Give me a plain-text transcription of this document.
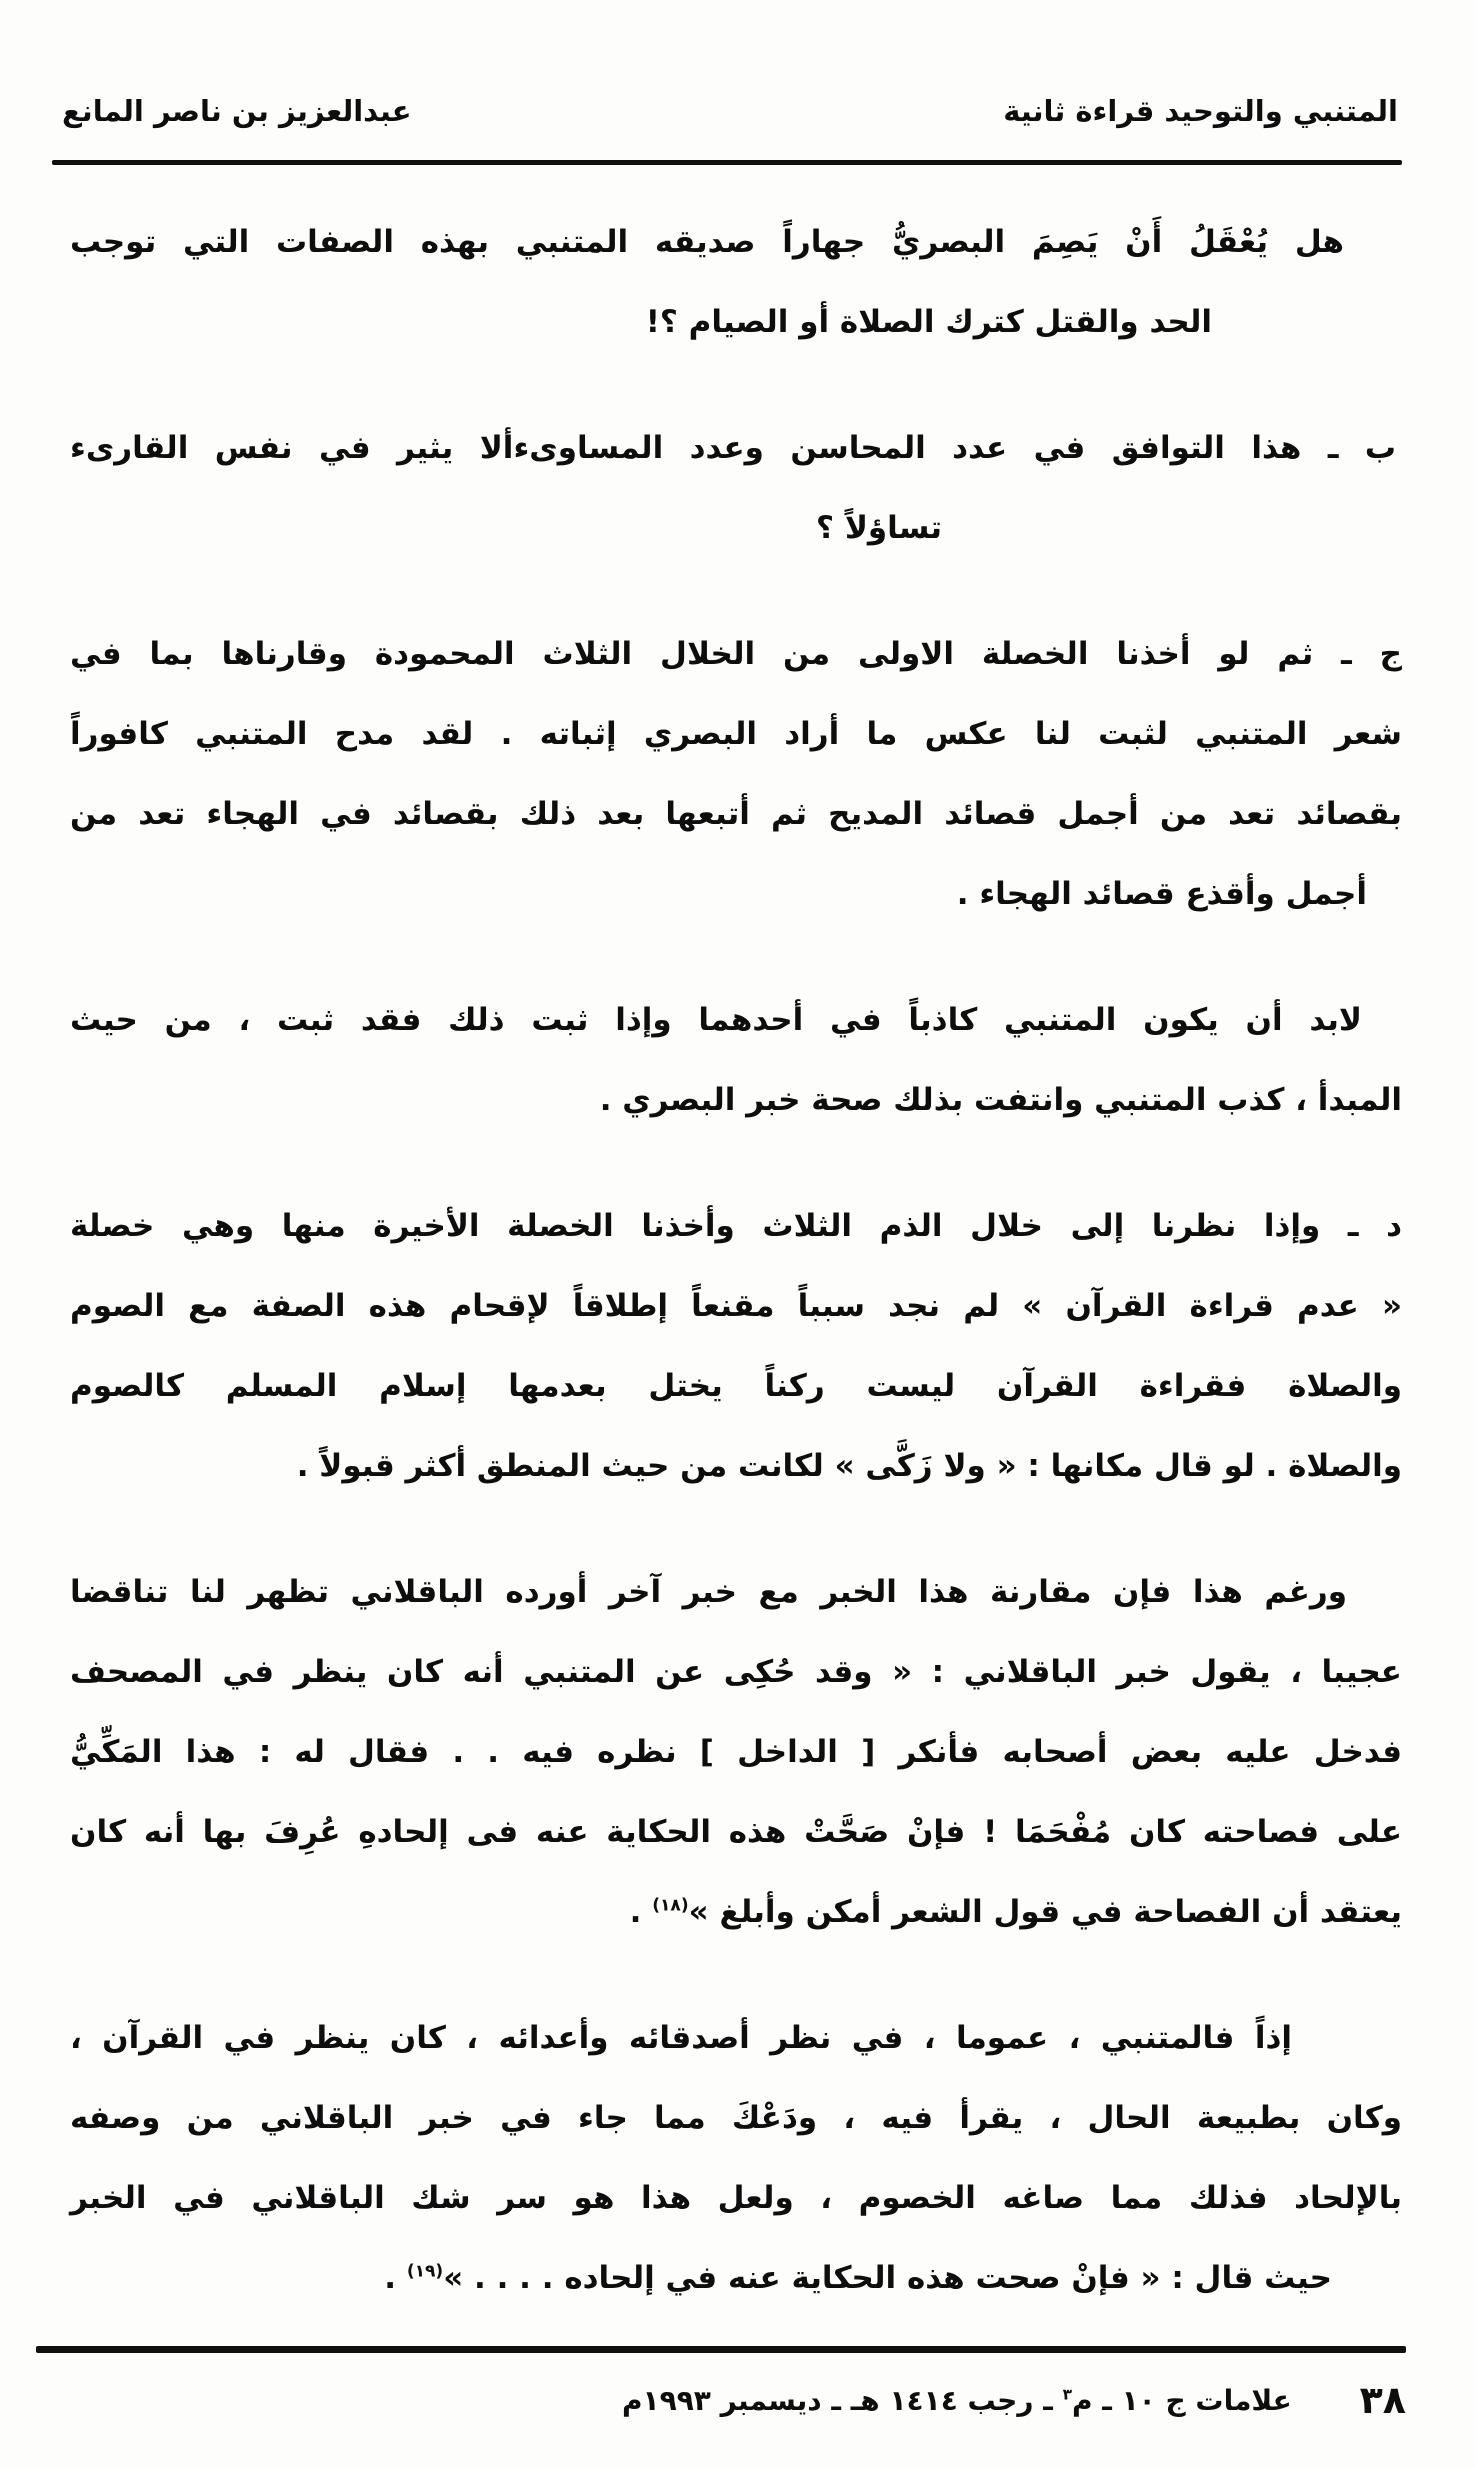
المتنبي والتوحيد قراءة ثانية
عبدالعزيز بن ناصر المانع
هل يُعْقَلُ أَنْ يَصِمَ البصريُّ جهاراً صديقه المتنبي بهذه الصفات التي توجب
الحد والقتل كترك الصلاة أو الصيام ؟!
ب ـ هذا التوافق في عدد المحاسن وعدد المساوىءألا يثير في نفس القارىء
تساؤلاً ؟
ج ـ ثم لو أخذنا الخصلة الاولى من الخلال الثلاث المحمودة وقارناها بما في
شعر المتنبي لثبت لنا عكس ما أراد البصري إثباته . لقد مدح المتنبي كافوراً
بقصائد تعد من أجمل قصائد المديح ثم أتبعها بعد ذلك بقصائد في الهجاء تعد من
أجمل وأقذع قصائد الهجاء .
لابد أن يكون المتنبي كاذباً في أحدهما وإذا ثبت ذلك فقد ثبت ، من حيث
المبدأ ، كذب المتنبي وانتفت بذلك صحة خبر البصري .
د ـ وإذا نظرنا إلى خلال الذم الثلاث وأخذنا الخصلة الأخيرة منها وهي خصلة
« عدم قراءة القرآن » لم نجد سبباً مقنعاً إطلاقاً لإقحام هذه الصفة مع الصوم
والصلاة فقراءة القرآن ليست ركناً يختل بعدمها إسلام المسلم كالصوم
والصلاة . لو قال مكانها : « ولا زَكَّى » لكانت من حيث المنطق أكثر قبولاً .
ورغم هذا فإن مقارنة هذا الخبر مع خبر آخر أورده الباقلاني تظهر لنا تناقضا
عجيبا ، يقول خبر الباقلاني : « وقد حُكِى عن المتنبي أنه كان ينظر في المصحف
فدخل عليه بعض أصحابه فأنكر [ الداخل ] نظره فيه . . فقال له : هذا المَكِّيُّ
على فصاحته كان مُفْحَمَا ! فإنْ صَحَّتْ هذه الحكاية عنه فى إلحادهِ عُرِفَ بها أنه كان
يعتقد أن الفصاحة في قول الشعر أمكن وأبلغ »$^{(١٨)}$ .
إذاً فالمتنبي ، عموما ، في نظر أصدقائه وأعدائه ، كان ينظر في القرآن ،
وكان بطبيعة الحال ، يقرأ فيه ، ودَعْكَ مما جاء في خبر الباقلاني من وصفه
بالإلحاد فذلك مما صاغه الخصوم ، ولعل هذا هو سر شك الباقلاني في الخبر
حيث قال : « فإنْ صحت هذه الحكاية عنه في إلحاده . . . . »$^{(١٩)}$ .
٣٨
علامات ج ١٠ ـ م$^٣$ ـ رجب ١٤١٤ هـ ـ ديسمبر ١٩٩٣م
